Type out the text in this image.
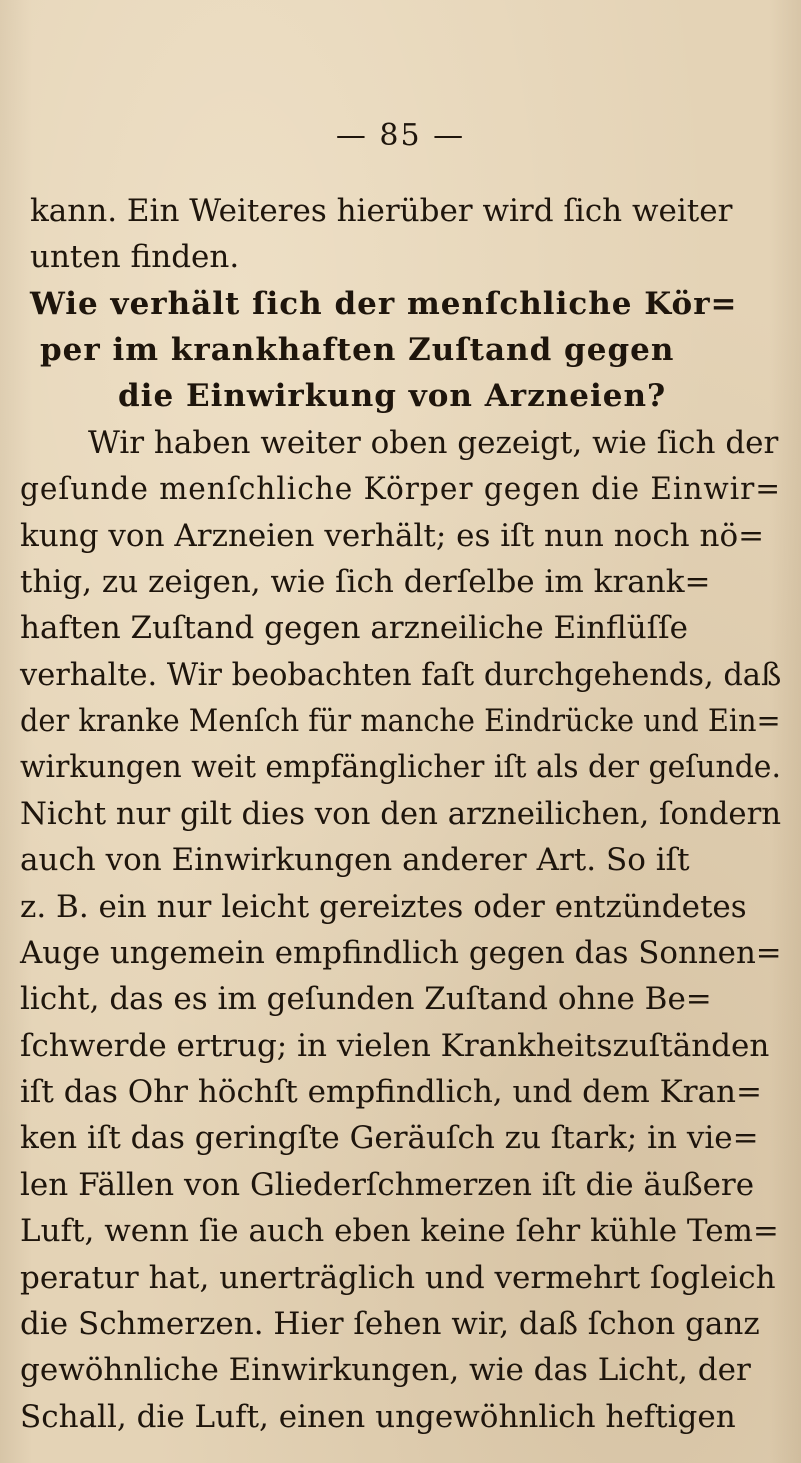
— 85 —
kann. Ein Weiteres hierüber wird ſich weiter
unten finden.
Wie verhält ſich der menſchliche Kör=
per im krankhaften Zuſtand gegen
die Einwirkung von Arzneien?
Wir haben weiter oben gezeigt, wie ſich der
geſunde menſchliche Körper gegen die Einwir=
kung von Arzneien verhält; es iſt nun noch nö=
thig, zu zeigen, wie ſich derſelbe im krank=
haften Zuſtand gegen arzneiliche Einflüſſe
verhalte. Wir beobachten faſt durchgehends, daß
der kranke Menſch für manche Eindrücke und Ein=
wirkungen weit empfänglicher iſt als der geſunde.
Nicht nur gilt dies von den arzneilichen, ſondern
auch von Einwirkungen anderer Art. So iſt
z. B. ein nur leicht gereiztes oder entzündetes
Auge ungemein empfindlich gegen das Sonnen=
licht, das es im geſunden Zuſtand ohne Be=
ſchwerde ertrug; in vielen Krankheitszuſtänden
iſt das Ohr höchſt empfindlich, und dem Kran=
ken iſt das geringſte Geräuſch zu ſtark; in vie=
len Fällen von Gliederſchmerzen iſt die äußere
Luft, wenn ſie auch eben keine ſehr kühle Tem=
peratur hat, unerträglich und vermehrt ſogleich
die Schmerzen. Hier ſehen wir, daß ſchon ganz
gewöhnliche Einwirkungen, wie das Licht, der
Schall, die Luft, einen ungewöhnlich heftigen
